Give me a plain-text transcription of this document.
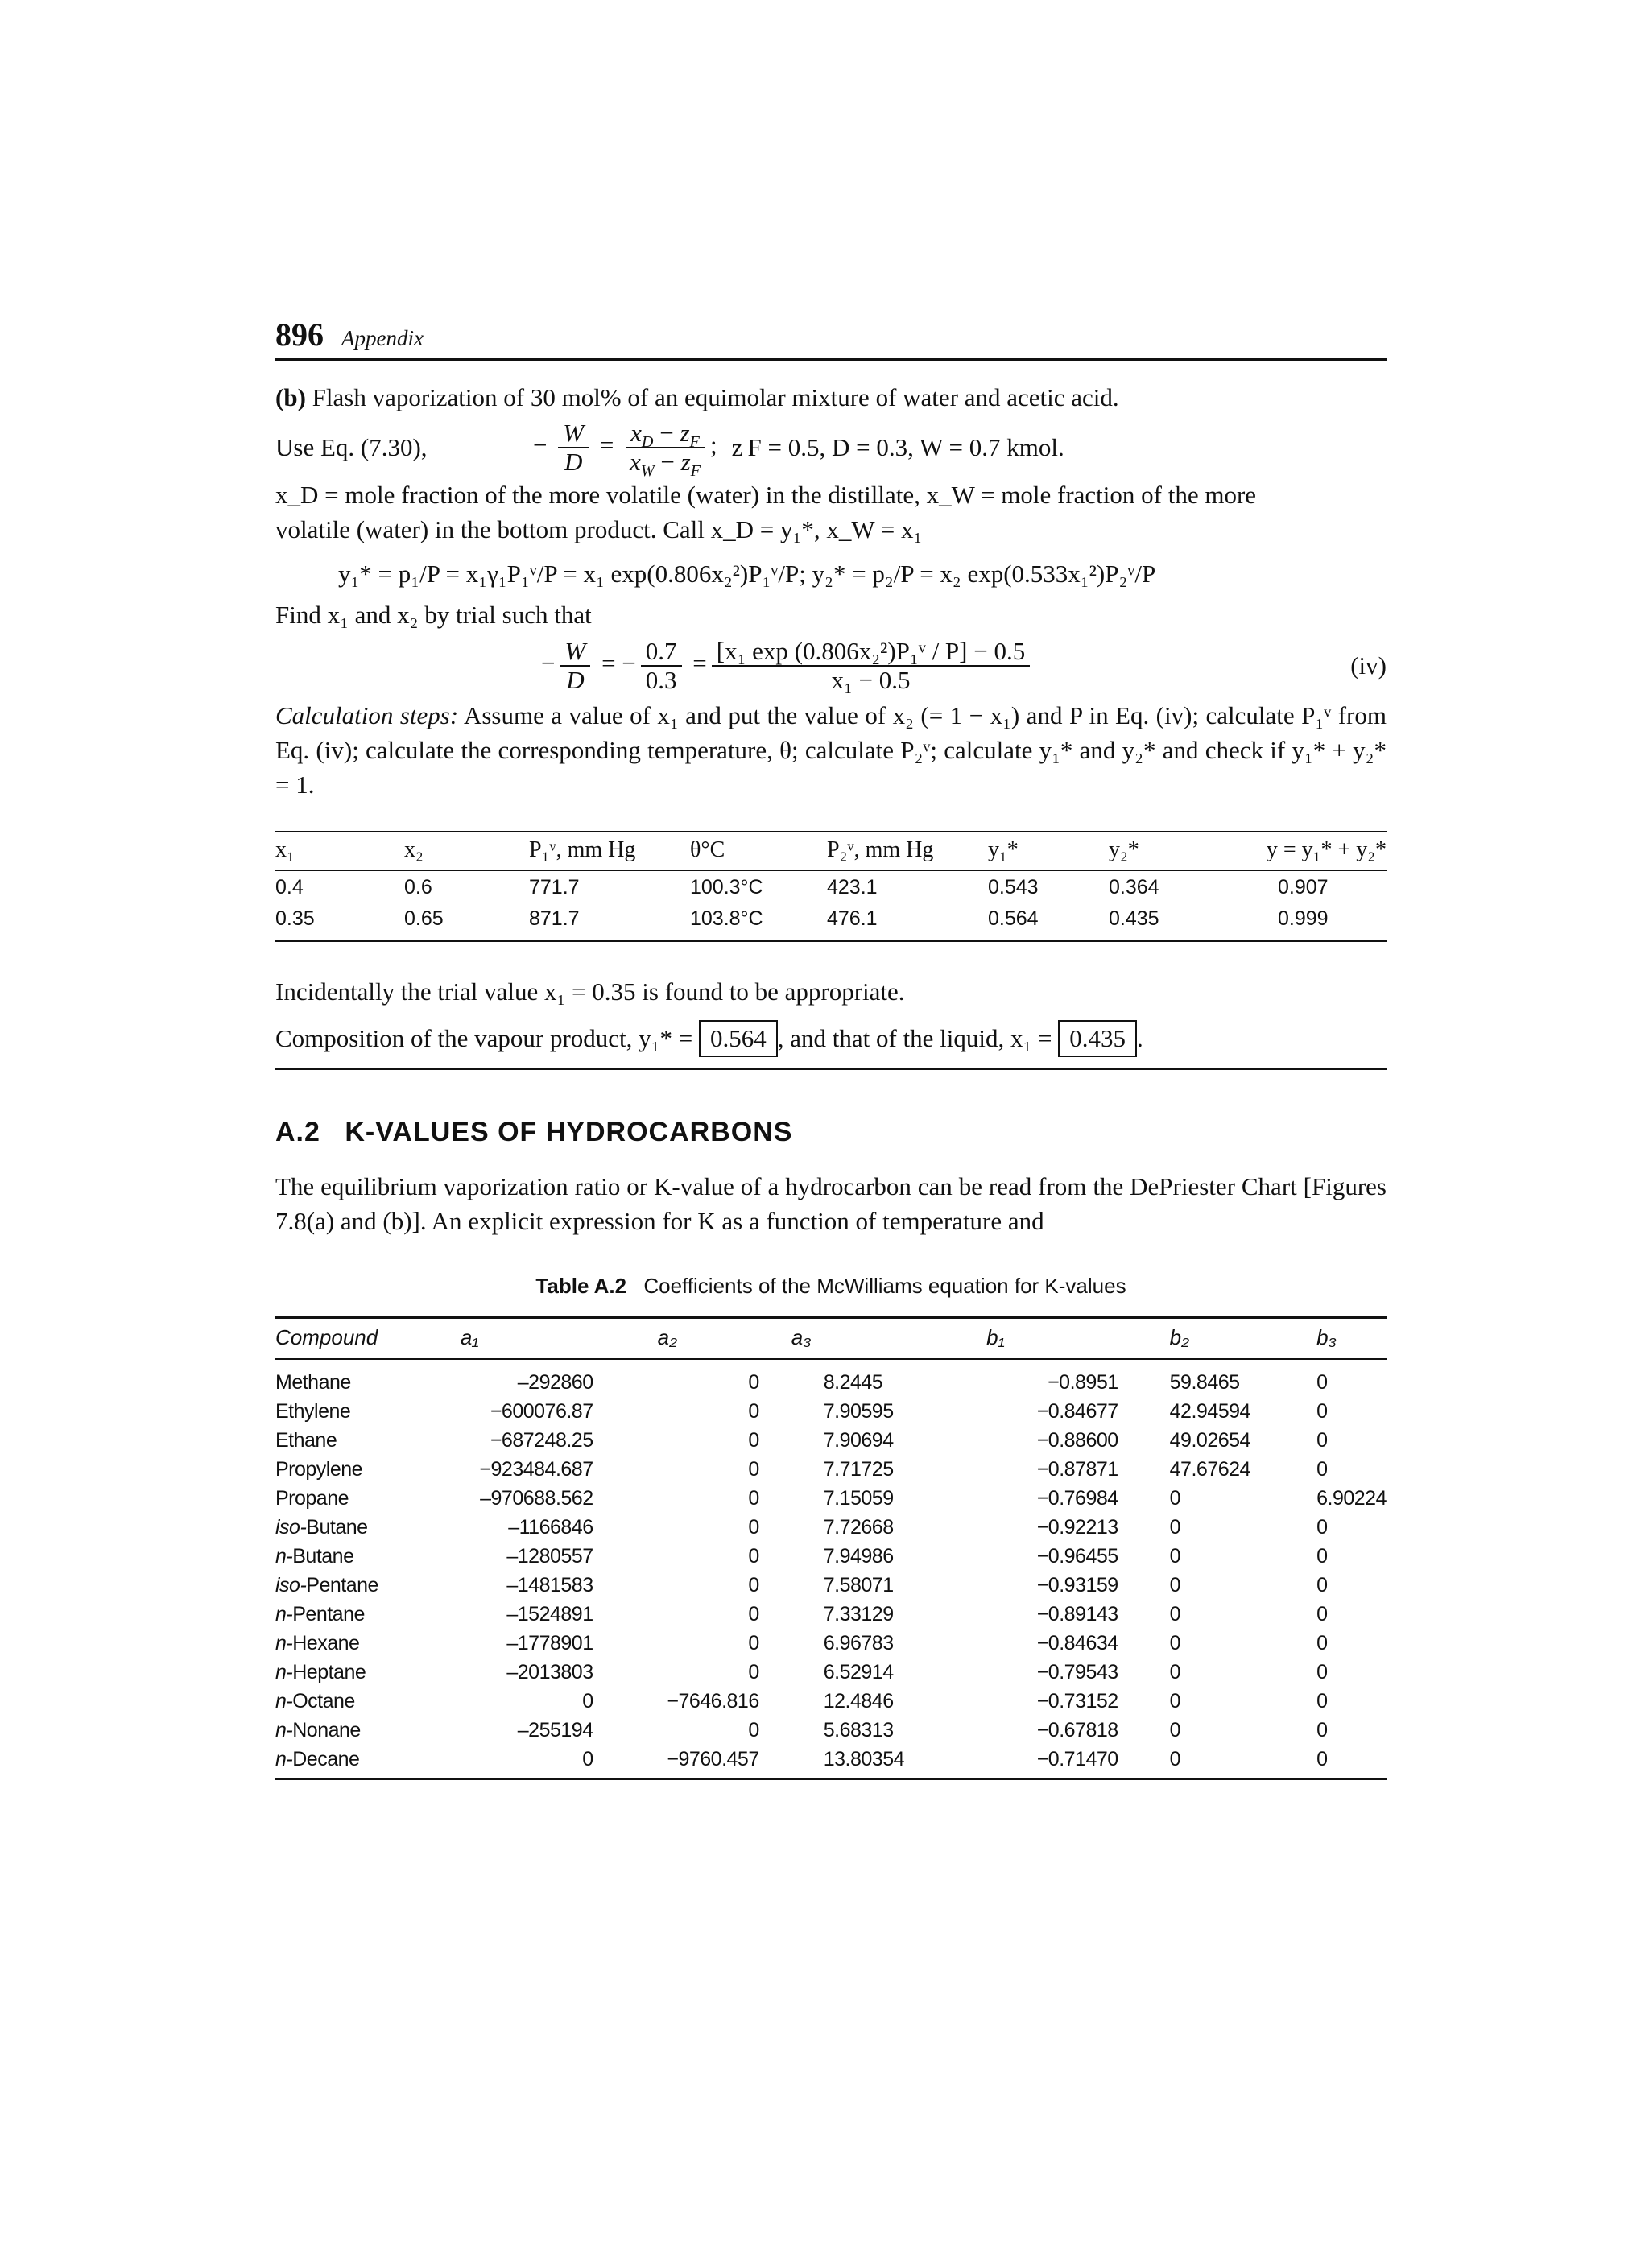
896 Appendix
(b) Flash vaporization of 30 mol% of an equimolar mixture of water and acetic acid.
Use Eq. (7.30),	− $\frac{W}{D} = \frac{x_D - z_F}{x_W - z_F}$ ; z F = 0.5, D = 0.3, W = 0.7 kmol.
x_D = mole fraction of the more volatile (water) in the distillate, x_W = mole fraction of the more
volatile (water) in the bottom product. Call x_D = y₁*, x_W = x₁
y₁* = p₁/P = x₁γ₁P₁ᵛ/P = x₁ exp(0.806x₂²)P₁ᵛ/P; y₂* = p₂/P = x₂ exp(0.533x₁²)P₂ᵛ/P
Find x₁ and x₂ by trial such that
− $\frac{W}{D}$ = − $\frac{0.7}{0.3} = \frac{\text{[x₁ exp (0.806x₂²)P₁ᵛ / P] − 0.5}}{\text{x₁ − 0.5}}$	(iv)
Calculation steps: Assume a value of x₁ and put the value of x₂ (= 1 − x₁) and P in Eq. (iv); calculate P₁ᵛ from Eq. (iv); calculate the corresponding temperature, θ; calculate P₂ᵛ; calculate y₁* and y₂* and check if y₁* + y₂* = 1.
x₁	x₂	P₁ᵛ, mm Hg	θ°C	P₂ᵛ, mm Hg	y₁*	y₂*	y = y₁* + y₂*
0.4	0.6	771.7	100.3°C	423.1	0.543	0.364	0.907
0.35	0.65	871.7	103.8°C	476.1	0.564	0.435	0.999
Incidentally the trial value x₁ = 0.35 is found to be appropriate.
Composition of the vapour product, y₁* = 0.564 , and that of the liquid, x₁ = 0.435 .
A.2 K-VALUES OF HYDROCARBONS
The equilibrium vaporization ratio or K-value of a hydrocarbon can be read from the DePriester Chart [Figures 7.8(a) and (b)]. An explicit expression for K as a function of temperature and
Table A.2 Coefficients of the McWilliams equation for K-values
Compound	a₁	a₂	a₃	b₁	b₂	b₃
Methane	–292860	0	8.2445	−0.8951	59.8465	0
Ethylene	−600076.87	0	7.90595	−0.84677	42.94594	0
Ethane	−687248.25	0	7.90694	−0.88600	49.02654	0
Propylene	−923484.687	0	7.71725	−0.87871	47.67624	0
Propane	–970688.562	0	7.15059	−0.76984	0	6.90224
iso-Butane	–1166846	0	7.72668	−0.92213	0	0
n-Butane	–1280557	0	7.94986	−0.96455	0	0
iso-Pentane	–1481583	0	7.58071	−0.93159	0	0
n-Pentane	–1524891	0	7.33129	−0.89143	0	0
n-Hexane	–1778901	0	6.96783	−0.84634	0	0
n-Heptane	–2013803	0	6.52914	−0.79543	0	0
n-Octane	0	−7646.816	12.4846	−0.73152	0	0
n-Nonane	–255194	0	5.68313	−0.67818	0	0
n-Decane	0	−9760.457	13.80354	−0.71470	0	0
